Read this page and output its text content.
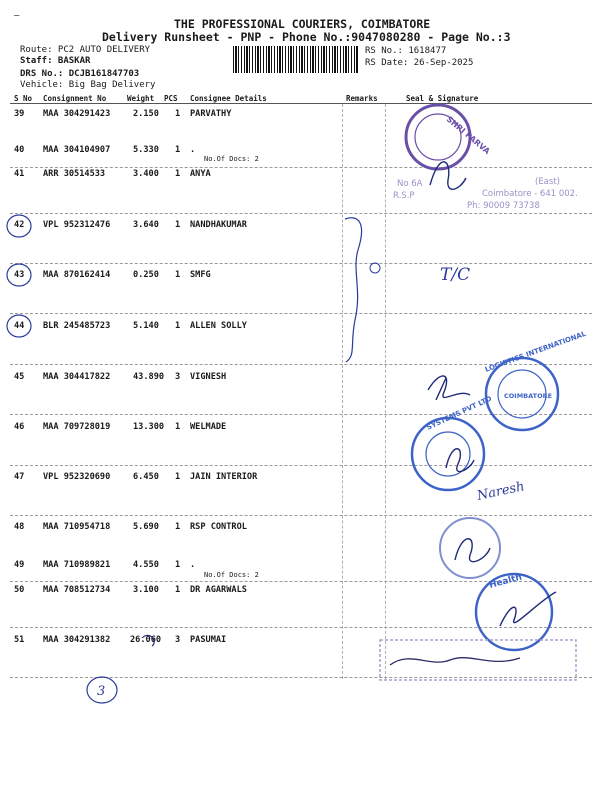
—
THE PROFESSIONAL COURIERS, COIMBATORE
Delivery Runsheet - PNP - Phone No.:9047080280 - Page No.:3
Route: PC2 AUTO DELIVERY
Staff: BASKAR
DRS No.: DCJB161847703
Vehicle: Big Bag Delivery
RS No.: 1618477
RS Date: 26-Sep-2025
S No Consignment No	Weight PCS Consignee Details	Remarks	Seal & Signature
39 MAA 304291423	2.150 1 PARVATHY
40 MAA 304104907	5.330 1 .
No.Of Docs: 2
41 ARR 30514533	3.400 1 ANYA
42 VPL 952312476	3.640 1 NANDHAKUMAR
43 MAA 870162414	0.250 1 SMFG
44 BLR 245485723	5.140 1 ALLEN SOLLY
45 MAA 304417822	43.890 3 VIGNESH
46 MAA 709728019	13.300 1 WELMADE
47 VPL 952320690	6.450 1 JAIN INTERIOR
48 MAA 710954718	5.690 1 RSP CONTROL
49 MAA 710989821	4.550 1 .
No.Of Docs: 2
50 MAA 708512734	3.100 1 DR AGARWALS
51 MAA 304291382 26.060 3 PASUMAI
SHRI PARVA
No 6A
R.S.P	Coimbatore - 641 002.
(East)
Ph: 90009 73738
T/C
LOGISTICS INTERNATIONAL
COIMBATORE
SYSTEMS PVT LTD
Naresh
Health
3
